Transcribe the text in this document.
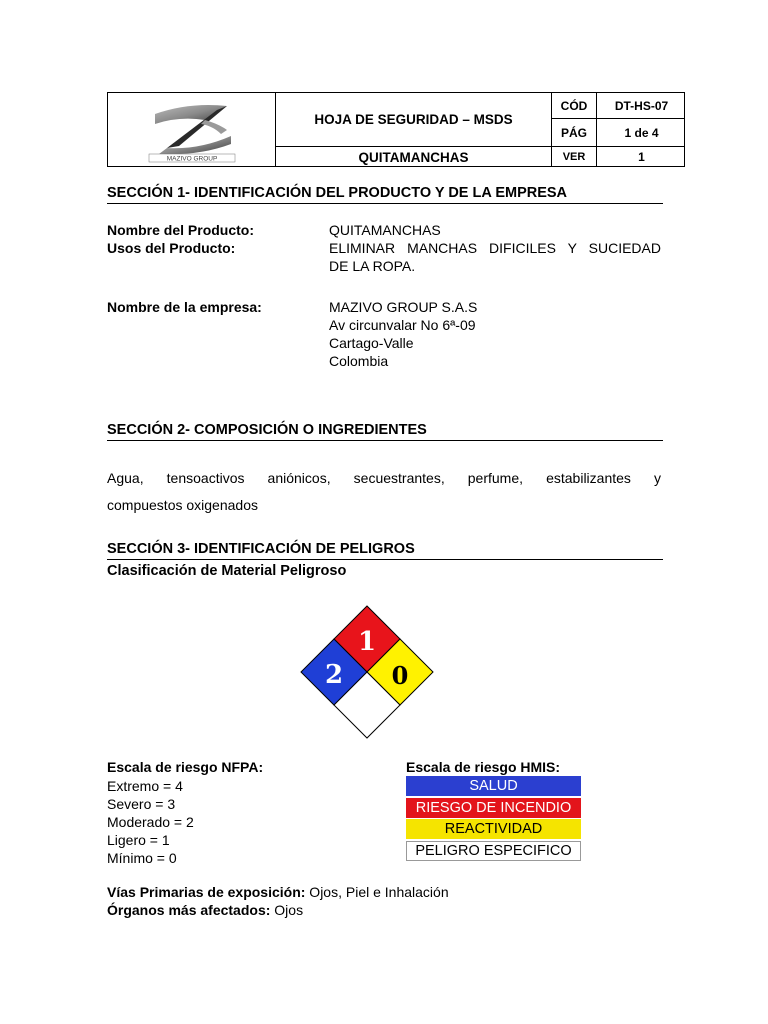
MAZIVO GROUP
HOJA DE SEGURIDAD – MSDS
QUITAMANCHAS
CÓD	DT-HS-07
PÁG	1 de 4
VER	1
SECCIÓN 1- IDENTIFICACIÓN DEL PRODUCTO Y DE LA EMPRESA
Nombre del Producto:	QUITAMANCHAS
Usos del Producto:	ELIMINAR MANCHAS DIFICILES Y SUCIEDAD
DE LA ROPA.
Nombre de la empresa:	MAZIVO GROUP S.A.S
Av circunvalar No 6ª-09
Cartago-Valle
Colombia
SECCIÓN 2- COMPOSICIÓN O INGREDIENTES
Agua, tensoactivos aniónicos, secuestrantes, perfume, estabilizantes y
compuestos oxigenados
SECCIÓN 3- IDENTIFICACIÓN DE PELIGROS
Clasificación de Material Peligroso
1
2 0
Escala de riesgo NFPA:
Extremo = 4
Severo = 3
Moderado = 2
Ligero = 1
Mínimo = 0
Escala de riesgo HMIS:
SALUD
RIESGO DE INCENDIO
REACTIVIDAD
PELIGRO ESPECIFICO
Vías Primarias de exposición: Ojos, Piel e Inhalación
Órganos más afectados: Ojos
